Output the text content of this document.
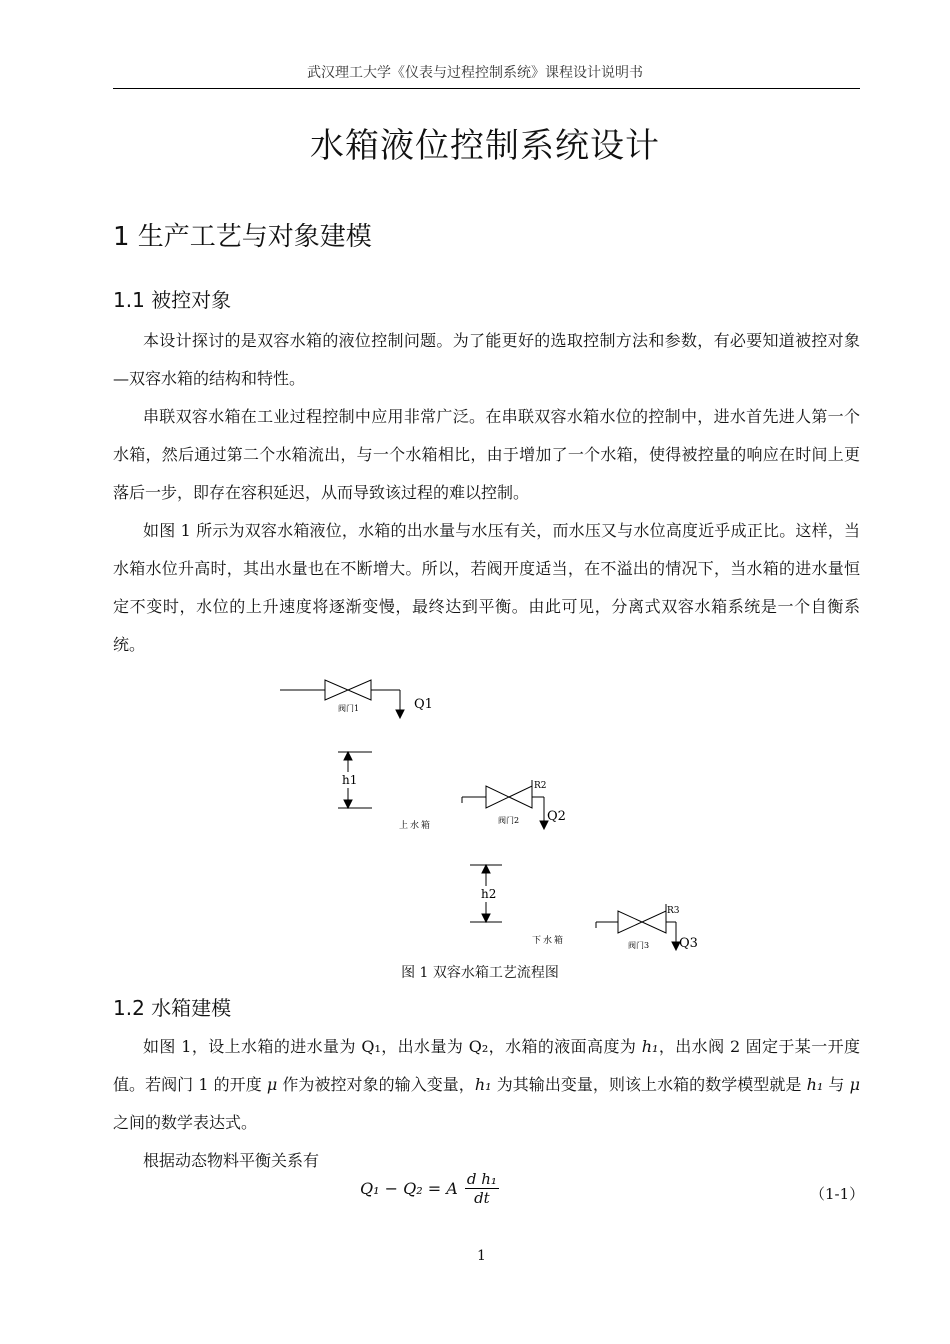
武汉理工大学《仪表与过程控制系统》课程设计说明书
水箱液位控制系统设计
1 生产工艺与对象建模
1.1 被控对象
本设计探讨的是双容水箱的液位控制问题。为了能更好的选取控制方法和参数，有必要知道被控对象—双容水箱的结构和特性。
串联双容水箱在工业过程控制中应用非常广泛。在串联双容水箱水位的控制中，进水首先进人第一个水箱，然后通过第二个水箱流出，与一个水箱相比，由于增加了一个水箱，使得被控量的响应在时间上更落后一步，即存在容积延迟，从而导致该过程的难以控制。
如图 1 所示为双容水箱液位，水箱的出水量与水压有关，而水压又与水位高度近乎成正比。这样，当水箱水位升高时，其出水量也在不断增大。所以，若阀开度适当，在不溢出的情况下，当水箱的进水量恒定不变时，水位的上升速度将逐渐变慢，最终达到平衡。由此可见，分离式双容水箱系统是一个自衡系统。
阀门1	Q1
h1
上水箱
R2
阀门2 Q2
h2
下水箱
R3
阀门3 Q3
图 1 双容水箱工艺流程图
1.2 水箱建模
如图 1，设上水箱的进水量为 Q₁，出水量为 Q₂，水箱的液面高度为 h₁，出水阀 2 固定于某一开度值。若阀门 1 的开度 μ 作为被控对象的输入变量，h₁ 为其输出变量，则该上水箱的数学模型就是 h₁ 与 μ 之间的数学表达式。
根据动态物料平衡关系有
Q₁ − Q₂ = A $\frac{\text{d h₁}}{dt}$	（1-1）
1
